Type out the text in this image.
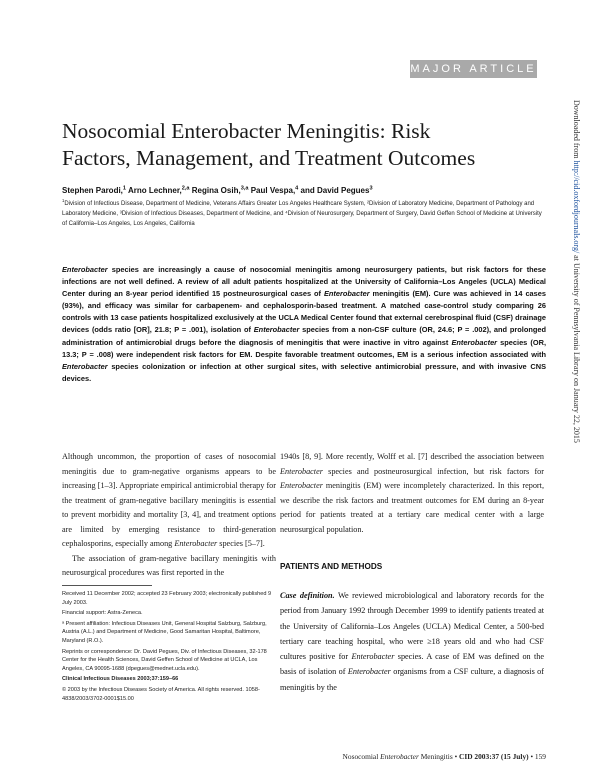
MAJOR ARTICLE
Nosocomial Enterobacter Meningitis: Risk
Factors, Management, and Treatment Outcomes
Stephen Parodi,$^1$ Arno Lechner,$^{2,a}$ Regina Osih,$^{3,a}$ Paul Vespa,$^4$ and David Pegues$^3$
$^1$Division of Infectious Disease, Department of Medicine, Veterans Affairs Greater Los Angeles Healthcare System, ²Division of Laboratory Medicine, Department of Pathology and Laboratory Medicine, ³Division of Infectious Diseases, Department of Medicine, and ⁴Division of Neurosurgery, Department of Surgery, David Geffen School of Medicine at University of California–Los Angeles, Los Angeles, California
Enterobacter species are increasingly a cause of nosocomial meningitis among neurosurgery patients, but risk factors for these infections are not well defined. A review of all adult patients hospitalized at the University of California–Los Angeles (UCLA) Medical Center during an 8-year period identified 15 postneurosurgical cases of Enterobacter meningitis (EM). Cure was achieved in 14 cases (93%), and efficacy was similar for carbapenem- and cephalosporin-based treatment. A matched case-control study comparing 26 controls with 13 case patients hospitalized exclusively at the UCLA Medical Center found that external cerebrospinal fluid (CSF) drainage devices (odds ratio [OR], 21.8; P = .001), isolation of Enterobacter species from a non-CSF culture (OR, 24.6; P = .002), and prolonged administration of antimicrobial drugs before the diagnosis of meningitis that were inactive in vitro against Enterobacter species (OR, 13.3; P = .008) were independent risk factors for EM. Despite favorable treatment outcomes, EM is a serious infection associated with Enterobacter species colonization or infection at other surgical sites, with selective antimicrobial pressure, and with invasive CNS devices.

Although uncommon, the proportion of cases of nosocomial meningitis due to gram-negative organisms appears to be increasing [1–3]. Appropriate empirical antimicrobial therapy for the treatment of gram-negative bacillary meningitis is essential to prevent morbidity and mortality [3, 4], and treatment options are limited by emerging resistance to third-generation cephalosporins, especially among Enterobacter species [5–7].

The association of gram-negative bacillary meningitis with neurosurgical procedures was first reported in the

1940s [8, 9]. More recently, Wolff et al. [7] described the association between Enterobacter species and postneurosurgical infection, but risk factors for Enterobacter meningitis (EM) were incompletely characterized. In this report, we describe the risk factors and treatment outcomes for EM during an 8-year period for patients treated at a tertiary care medical center with a large neurosurgical population.

PATIENTS AND METHODS
Case definition. We reviewed microbiological and laboratory records for the period from January 1992 through December 1999 to identify patients treated at the University of California–Los Angeles (UCLA) Medical Center, a 500-bed tertiary care teaching hospital, who were ≥18 years old and who had CSF cultures positive for Enterobacter species. A case of EM was defined on the basis of isolation of Enterobacter organisms from a CSF culture, a diagnosis of meningitis by the

Received 11 December 2002; accepted 23 February 2003; electronically published 9 July 2003.

Financial support: Astra-Zeneca.

ᵃ Present affiliation: Infectious Diseases Unit, General Hospital Salzburg, Salzburg, Austria (A.L.) and Department of Medicine, Good Samaritan Hospital, Baltimore, Maryland (R.O.).

Reprints or correspondence: Dr. David Pegues, Div. of Infectious Diseases, 32-178 Center for the Health Sciences, David Geffen School of Medicine at UCLA, Los Angeles, CA 90095-1688 (dpegues@mednet.ucla.edu).

Clinical Infectious Diseases 2003;37:159–66

© 2003 by the Infectious Diseases Society of America. All rights reserved. 1058-4838/2003/3702-0001$15.00

Nosocomial Enterobacter Meningitis • CID 2003:37 (15 July) • 159
Downloaded from http://cid.oxfordjournals.org/ at University of Pennsylvania Library on January 22, 2015
